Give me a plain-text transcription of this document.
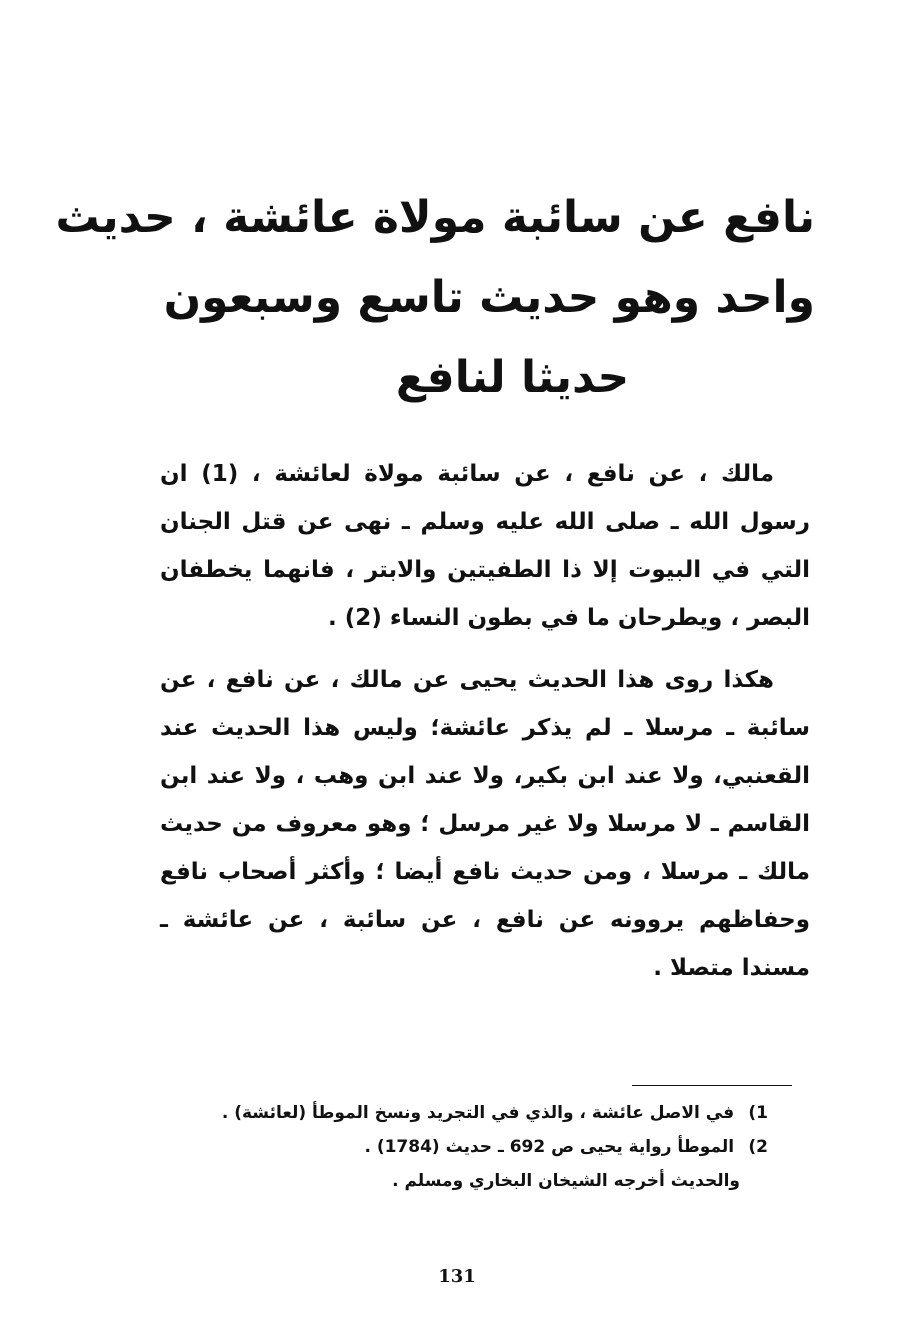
نافع عن سائبة مولاة عائشة ، حديث
واحد وهو حديث تاسع وسبعون
حديثا لنافع
مالك ، عن نافع ، عن سائبة مولاة لعائشة ، (1) ان رسول الله ـ صلى الله عليه وسلم ـ نهى عن قتل الجنان التي في البيوت إلا ذا الطفيتين والابتر ، فانهما يخطفان البصر ، ويطرحان ما في بطون النساء (2) .
هكذا روى هذا الحديث يحيى عن مالك ، عن نافع ، عن سائبة ـ مرسلا ـ لم يذكر عائشة؛ وليس هذا الحديث عند القعنبي، ولا عند ابن بكير، ولا عند ابن وهب ، ولا عند ابن القاسم ـ لا مرسلا ولا غير مرسل ؛ وهو معروف من حديث مالك ـ مرسلا ، ومن حديث نافع أيضا ؛ وأكثر أصحاب نافع وحفاظهم يروونه عن نافع ، عن سائبة ، عن عائشة ـ مسندا متصلا .
1) في الاصل عائشة ، والذي في التجريد ونسخ الموطأ (لعائشة) .
2) الموطأ رواية يحيى ص 692 ـ حديث (1784) .
والحديث أخرجه الشيخان البخاري ومسلم .
131
